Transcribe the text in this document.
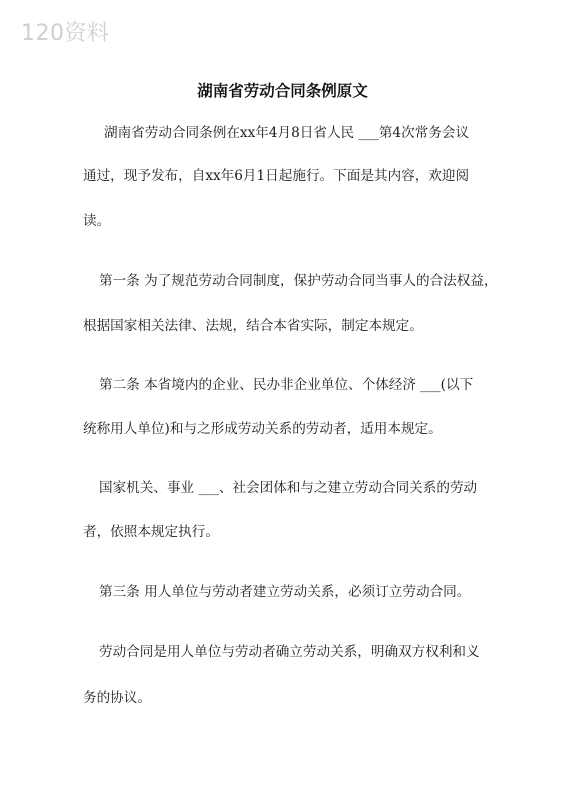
120资料
湖南省劳动合同条例原文
湖南省劳动合同条例在xx年4月8日省人民 ___第4次常务会议
通过，现予发布，自xx年6月1日起施行。下面是其内容，欢迎阅
读。
第一条 为了规范劳动合同制度，保护劳动合同当事人的合法权益，
根据国家相关法律、法规，结合本省实际，制定本规定。
第二条 本省境内的企业、民办非企业单位、个体经济 ___(以下
统称用人单位)和与之形成劳动关系的劳动者，适用本规定。
国家机关、事业 ___、社会团体和与之建立劳动合同关系的劳动
者，依照本规定执行。
第三条 用人单位与劳动者建立劳动关系，必须订立劳动合同。
劳动合同是用人单位与劳动者确立劳动关系，明确双方权利和义
务的协议。
